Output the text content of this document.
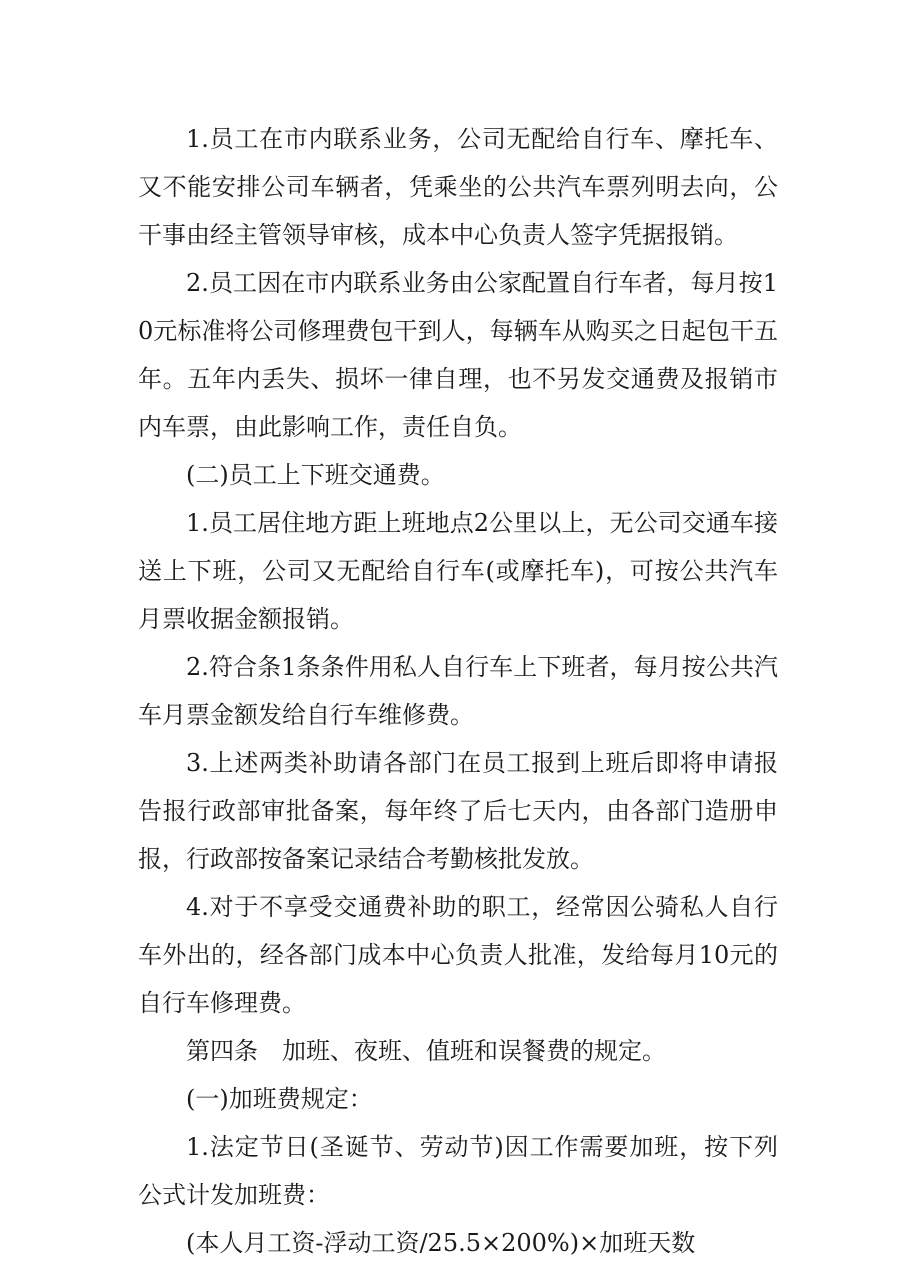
1.员工在市内联系业务，公司无配给自行车、摩托车、又不能安排公司车辆者，凭乘坐的公共汽车票列明去向，公干事由经主管领导审核，成本中心负责人签字凭据报销。

2.员工因在市内联系业务由公家配置自行车者，每月按10元标准将公司修理费包干到人，每辆车从购买之日起包干五年。五年内丢失、损坏一律自理，也不另发交通费及报销市内车票，由此影响工作，责任自负。

(二)员工上下班交通费。

1.员工居住地方距上班地点2公里以上，无公司交通车接送上下班，公司又无配给自行车(或摩托车)，可按公共汽车月票收据金额报销。

2.符合条1条条件用私人自行车上下班者，每月按公共汽车月票金额发给自行车维修费。

3.上述两类补助请各部门在员工报到上班后即将申请报告报行政部审批备案，每年终了后七天内，由各部门造册申报，行政部按备案记录结合考勤核批发放。

4.对于不享受交通费补助的职工，经常因公骑私人自行车外出的，经各部门成本中心负责人批准，发给每月10元的自行车修理费。

第四条　加班、夜班、值班和误餐费的规定。

(一)加班费规定：

1.法定节日(圣诞节、劳动节)因工作需要加班，按下列公式计发加班费：

(本人月工资-浮动工资/25.5×200%)×加班天数
